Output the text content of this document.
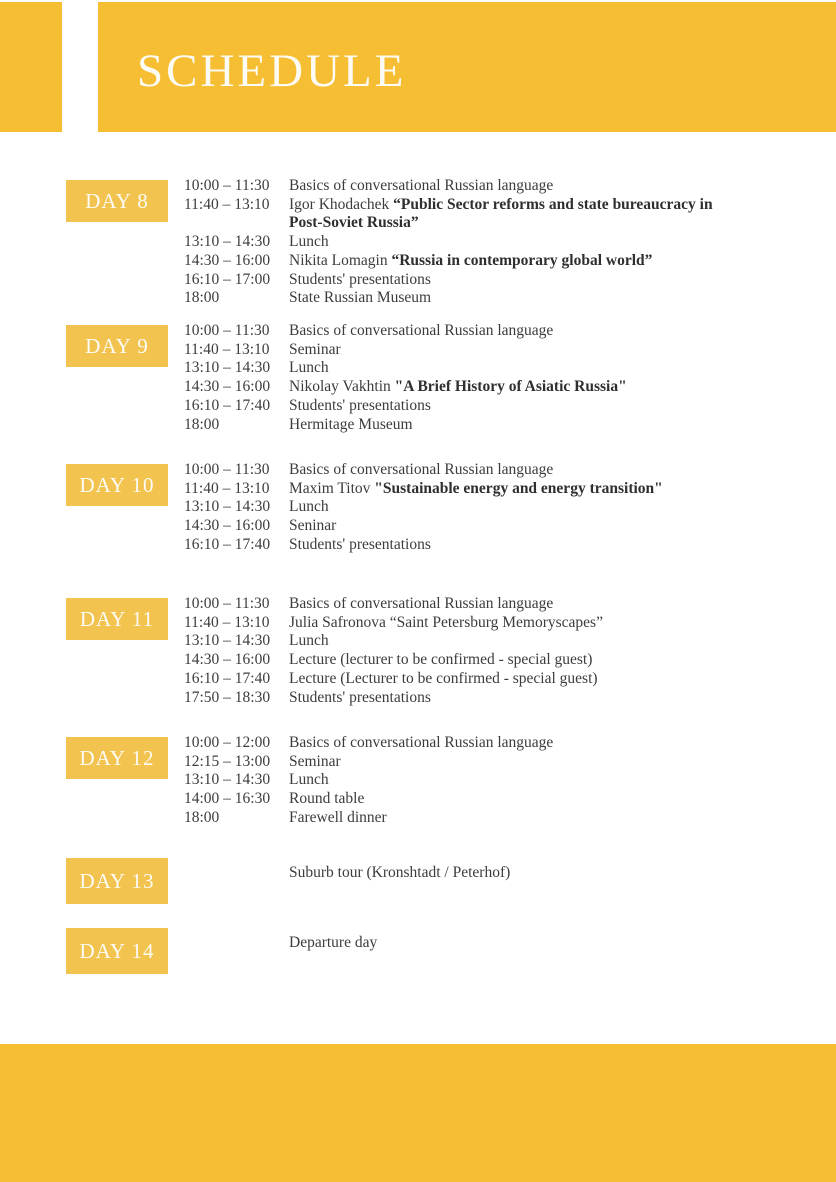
SCHEDULE
DAY 8
10:00 – 11:30	Basics of conversational Russian language
11:40 – 13:10	Igor Khodachek “Public Sector reforms and state bureaucracy in Post-Soviet Russia”
13:10 – 14:30	Lunch
14:30 – 16:00	Nikita Lomagin “Russia in contemporary global world”
16:10 – 17:00	Students' presentations
18:00	State Russian Museum
DAY 9
10:00 – 11:30	Basics of conversational Russian language
11:40 – 13:10	Seminar
13:10 – 14:30	Lunch
14:30 – 16:00	Nikolay Vakhtin "A Brief History of Asiatic Russia"
16:10 – 17:40	Students' presentations
18:00	Hermitage Museum
DAY 10
10:00 – 11:30	Basics of conversational Russian language
11:40 – 13:10	Maxim Titov "Sustainable energy and energy transition"
13:10 – 14:30	Lunch
14:30 – 16:00	Seninar
16:10 – 17:40	Students' presentations
DAY 11
10:00 – 11:30	Basics of conversational Russian language
11:40 – 13:10	Julia Safronova “Saint Petersburg Memoryscapes”
13:10 – 14:30	Lunch
14:30 – 16:00	Lecture (lecturer to be confirmed - special guest)
16:10 – 17:40	Lecture (Lecturer to be confirmed - special guest)
17:50 – 18:30	Students' presentations
DAY 12
10:00 – 12:00	Basics of conversational Russian language
12:15 – 13:00	Seminar
13:10 – 14:30	Lunch
14:00 – 16:30	Round table
18:00	Farewell dinner
DAY 13	Suburb tour (Kronshtadt / Peterhof)
DAY 14	Departure day
